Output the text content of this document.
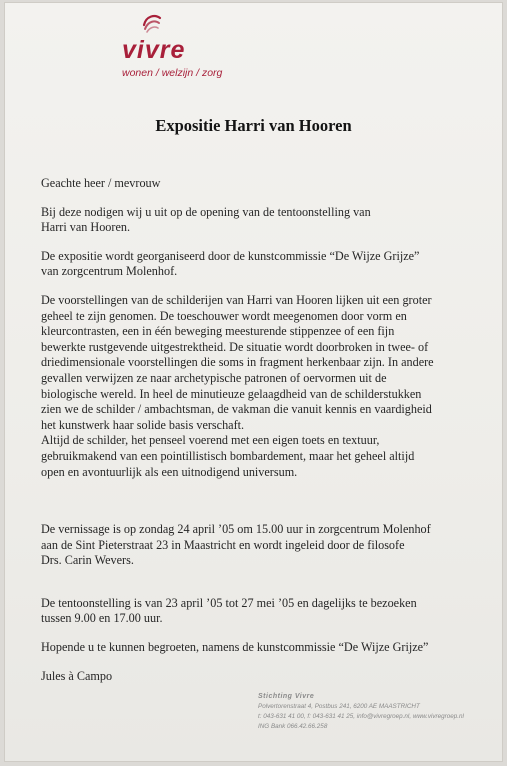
vivre
wonen / welzijn / zorg
Expositie Harri van Hooren

Geachte heer / mevrouw

Bij deze nodigen wij u uit op de opening van de tentoonstelling van
Harri van Hooren.

De expositie wordt georganiseerd door de kunstcommissie “De Wijze Grijze”
van zorgcentrum Molenhof.

De voorstellingen van de schilderijen van Harri van Hooren lijken uit een groter
geheel te zijn genomen. De toeschouwer wordt meegenomen door vorm en
kleurcontrasten, een in één beweging meesturende stippenzee of een fijn
bewerkte rustgevende uitgestrektheid. De situatie wordt doorbroken in twee- of
driedimensionale voorstellingen die soms in fragment herkenbaar zijn. In andere
gevallen verwijzen ze naar archetypische patronen of oervormen uit de
biologische wereld. In heel de minutieuze gelaagdheid van de schilderstukken
zien we de schilder / ambachtsman, de vakman die vanuit kennis en vaardigheid
het kunstwerk haar solide basis verschaft.
Altijd de schilder, het penseel voerend met een eigen toets en textuur,
gebruikmakend van een pointillistisch bombardement, maar het geheel altijd
open en avontuurlijk als een uitnodigend universum.

De vernissage is op zondag 24 april ’05 om 15.00 uur in zorgcentrum Molenhof
aan de Sint Pieterstraat 23 in Maastricht en wordt ingeleid door de filosofe
Drs. Carin Wevers.

De tentoonstelling is van 23 april ’05 tot 27 mei ’05 en dagelijks te bezoeken
tussen 9.00 en 17.00 uur.

Hopende u te kunnen begroeten, namens de kunstcommissie “De Wijze Grijze”

Jules à Campo

Stichting Vivre
Polvertorenstraat 4, Postbus 241, 6200 AE MAASTRICHT
t: 043-631 41 00, f: 043-631 41 25, info@vivregroep.nl, www.vivregroep.nl
ING Bank 066.42.66.258
